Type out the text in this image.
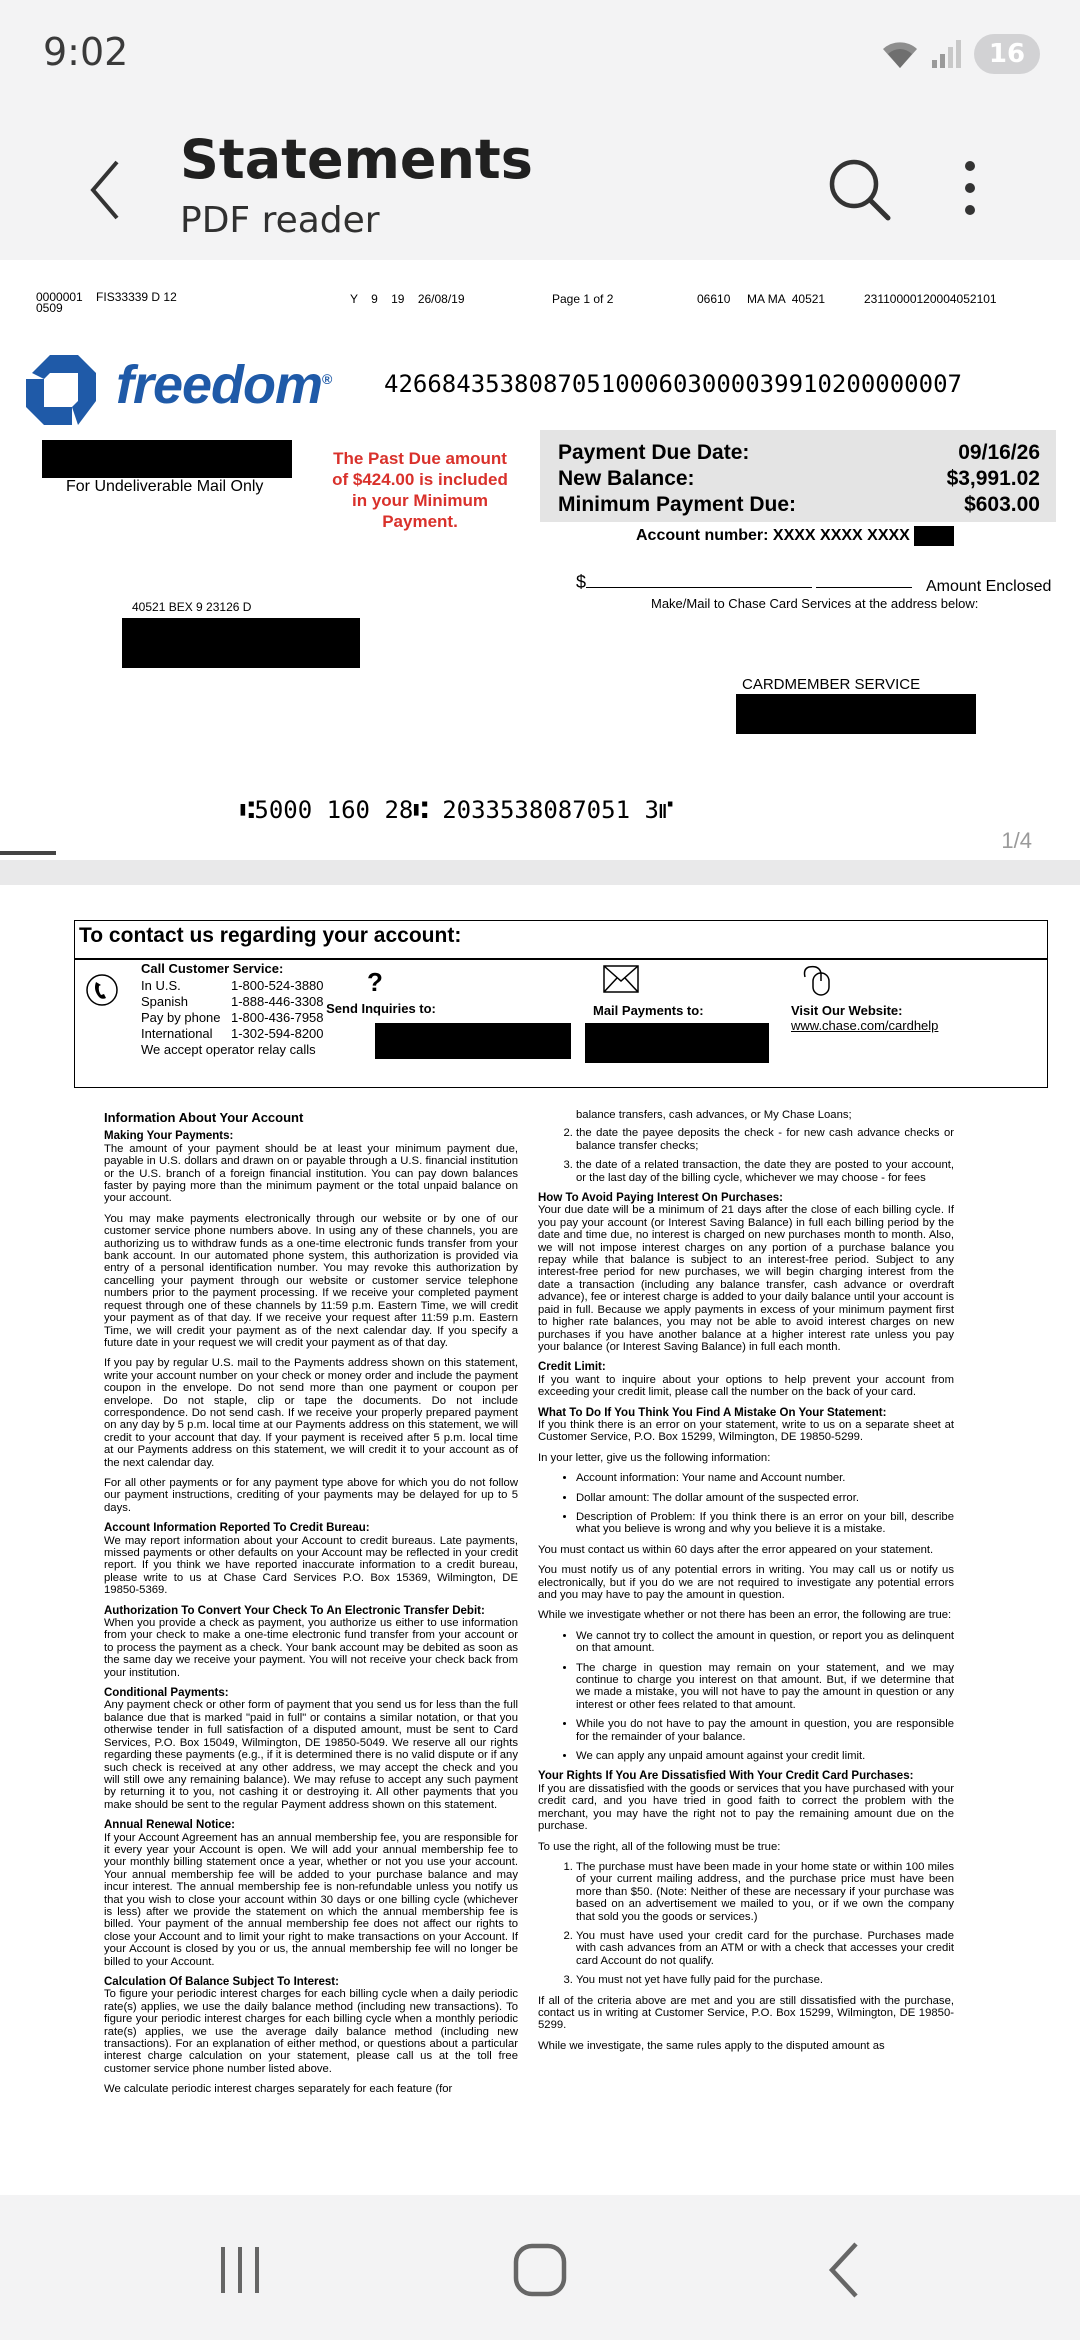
9:02	16
Statements
PDF reader
0000001    FIS33339 D 12
0509
Y    9    19    26/08/19	Page 1 of 2	06610     MA MA  40521	23110000120004052101
freedom® 4266843538087051000603000039910200000007
For Undeliverable Mail Only
The Past Due amount of $424.00 is included in your Minimum Payment.
Payment Due Date:	09/16/26
New Balance:	$3,991.02
Minimum Payment Due:	$603.00
Account number: XXXX XXXX XXXX
$	Amount Enclosed
Make/Mail to Chase Card Services at the address below:
40521 BEX 9 23126 D
CARDMEMBER SERVICE
⑆5000 160 28⑆ 2033538087051 3⑈
1/4
To contact us regarding your account:
Call Customer Service:
In U.S.	1-800-524-3880
Spanish	1-888-446-3308
Pay by phone 1-800-436-7958
International	1-302-594-8200
We accept operator relay calls
?
Send Inquiries to:	Mail Payments to:	Visit Our Website:
www.chase.com/cardhelp
Information About Your Account
Making Your Payments:

The amount of your payment should be at least your minimum payment due, payable in U.S. dollars and drawn on or payable through a U.S. financial institution or the U.S. branch of a foreign financial institution. You can pay down balances faster by paying more than the minimum payment or the total unpaid balance on your account.

You may make payments electronically through our website or by one of our customer service phone numbers above. In using any of these channels, you are authorizing us to withdraw funds as a one-time electronic funds transfer from your bank account. In our automated phone system, this authorization is provided via entry of a personal identification number. You may revoke this authorization by cancelling your payment through our website or customer service telephone numbers prior to the payment processing. If we receive your completed payment request through one of these channels by 11:59 p.m. Eastern Time, we will credit your payment as of that day. If we receive your request after 11:59 p.m. Eastern Time, we will credit your payment as of the next calendar day. If you specify a future date in your request we will credit your payment as of that day.

If you pay by regular U.S. mail to the Payments address shown on this statement, write your account number on your check or money order and include the payment coupon in the envelope. Do not send more than one payment or coupon per envelope. Do not staple, clip or tape the documents. Do not include correspondence. Do not send cash. If we receive your properly prepared payment on any day by 5 p.m. local time at our Payments address on this statement, we will credit to your account that day. If your payment is received after 5 p.m. local time at our Payments address on this statement, we will credit it to your account as of the next calendar day.

For all other payments or for any payment type above for which you do not follow our payment instructions, crediting of your payments may be delayed for up to 5 days.

Account Information Reported To Credit Bureau:

We may report information about your Account to credit bureaus. Late payments, missed payments or other defaults on your Account may be reflected in your credit report. If you think we have reported inaccurate information to a credit bureau, please write to us at Chase Card Services P.O. Box 15369, Wilmington, DE 19850-5369.

Authorization To Convert Your Check To An Electronic Transfer Debit:

When you provide a check as payment, you authorize us either to use information from your check to make a one-time electronic fund transfer from your account or to process the payment as a check. Your bank account may be debited as soon as the same day we receive your payment. You will not receive your check back from your institution.

Conditional Payments:

Any payment check or other form of payment that you send us for less than the full balance due that is marked "paid in full" or contains a similar notation, or that you otherwise tender in full satisfaction of a disputed amount, must be sent to Card Services, P.O. Box 15049, Wilmington, DE 19850-5049. We reserve all our rights regarding these payments (e.g., if it is determined there is no valid dispute or if any such check is received at any other address, we may accept the check and you will still owe any remaining balance). We may refuse to accept any such payment by returning it to you, not cashing it or destroying it. All other payments that you make should be sent to the regular Payment address shown on this statement.

Annual Renewal Notice:

If your Account Agreement has an annual membership fee, you are responsible for it every year your Account is open. We will add your annual membership fee to your monthly billing statement once a year, whether or not you use your account. Your annual membership fee will be added to your purchase balance and may incur interest. The annual membership fee is non-refundable unless you notify us that you wish to close your account within 30 days or one billing cycle (whichever is less) after we provide the statement on which the annual membership fee is billed. Your payment of the annual membership fee does not affect our rights to close your Account and to limit your right to make transactions on your Account. If your Account is closed by you or us, the annual membership fee will no longer be billed to your Account.

Calculation Of Balance Subject To Interest:

To figure your periodic interest charges for each billing cycle when a daily periodic rate(s) applies, we use the daily balance method (including new transactions). To figure your periodic interest charges for each billing cycle when a monthly periodic rate(s) applies, we use the average daily balance method (including new transactions). For an explanation of either method, or questions about a particular interest charge calculation on your statement, please call us at the toll free customer service phone number listed above.

We calculate periodic interest charges separately for each feature (for

balance transfers, cash advances, or My Chase Loans;

2. the date the payee deposits the check - for new cash advance checks or balance transfer checks;
3. the date of a related transaction, the date they are posted to your account, or the last day of the billing cycle, whichever we may choose - for fees
How To Avoid Paying Interest On Purchases:

Your due date will be a minimum of 21 days after the close of each billing cycle. If you pay your account (or Interest Saving Balance) in full each billing period by the date and time due, no interest is charged on new purchases month to month. Also, we will not impose interest charges on any portion of a purchase balance you repay while that balance is subject to an interest-free period. Subject to any interest-free period for new purchases, we will begin charging interest from the date a transaction (including any balance transfer, cash advance or overdraft advance), fee or interest charge is added to your daily balance until your account is paid in full. Because we apply payments in excess of your minimum payment first to higher rate balances, you may not be able to avoid interest charges on new purchases if you have another balance at a higher interest rate unless you pay your balance (or Interest Saving Balance) in full each month.

Credit Limit:

If you want to inquire about your options to help prevent your account from exceeding your credit limit, please call the number on the back of your card.

What To Do If You Think You Find A Mistake On Your Statement:

If you think there is an error on your statement, write to us on a separate sheet at Customer Service, P.O. Box 15299, Wilmington, DE 19850-5299.

In your letter, give us the following information:

• Account information: Your name and Account number.
• Dollar amount: The dollar amount of the suspected error.
• Description of Problem: If you think there is an error on your bill, describe what you believe is wrong and why you believe it is a mistake.

You must contact us within 60 days after the error appeared on your statement.

You must notify us of any potential errors in writing. You may call us or notify us electronically, but if you do we are not required to investigate any potential errors and you may have to pay the amount in question.

While we investigate whether or not there has been an error, the following are true:

• We cannot try to collect the amount in question, or report you as delinquent on that amount.
• The charge in question may remain on your statement, and we may continue to charge you interest on that amount. But, if we determine that we made a mistake, you will not have to pay the amount in question or any interest or other fees related to that amount.
• While you do not have to pay the amount in question, you are responsible for the remainder of your balance.
• We can apply any unpaid amount against your credit limit.
Your Rights If You Are Dissatisfied With Your Credit Card Purchases:

If you are dissatisfied with the goods or services that you have purchased with your credit card, and you have tried in good faith to correct the problem with the merchant, you may have the right not to pay the remaining amount due on the purchase.

To use the right, all of the following must be true:

1. The purchase must have been made in your home state or within 100 miles of your current mailing address, and the purchase price must have been more than $50. (Note: Neither of these are necessary if your purchase was based on an advertisement we mailed to you, or if we own the company that sold you the goods or services.)
2. You must have used your credit card for the purchase. Purchases made with cash advances from an ATM or with a check that accesses your credit card Account do not qualify.
3. You must not yet have fully paid for the purchase.

If all of the criteria above are met and you are still dissatisfied with the purchase, contact us in writing at Customer Service, P.O. Box 15299, Wilmington, DE 19850-5299.

While we investigate, the same rules apply to the disputed amount as
